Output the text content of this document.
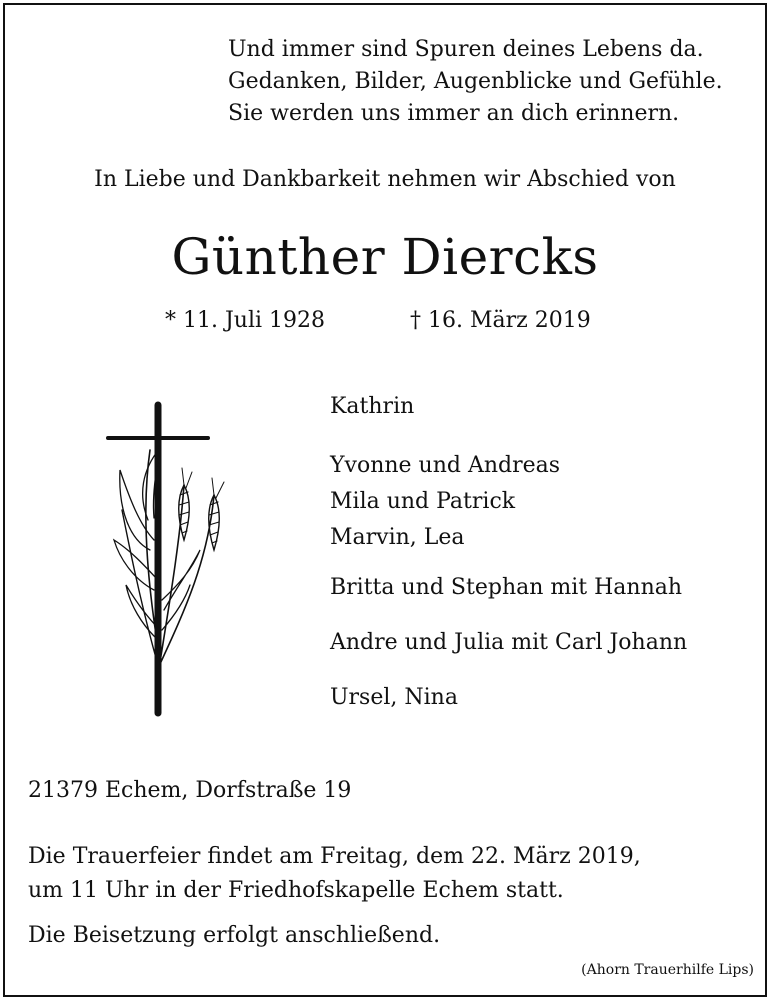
Und immer sind Spuren deines Lebens da.
Gedanken, Bilder, Augenblicke und Gefühle.
Sie werden uns immer an dich erinnern.
In Liebe und Dankbarkeit nehmen wir Abschied von
Günther Diercks
* 11. Juli 1928	† 16. März 2019
Kathrin
Yvonne und Andreas
Mila und Patrick
Marvin, Lea
Britta und Stephan mit Hannah
Andre und Julia mit Carl Johann
Ursel, Nina
21379 Echem, Dorfstraße 19
Die Trauerfeier findet am Freitag, dem 22. März 2019,
um 11 Uhr in der Friedhofskapelle Echem statt.
Die Beisetzung erfolgt anschließend.
(Ahorn Trauerhilfe Lips)
